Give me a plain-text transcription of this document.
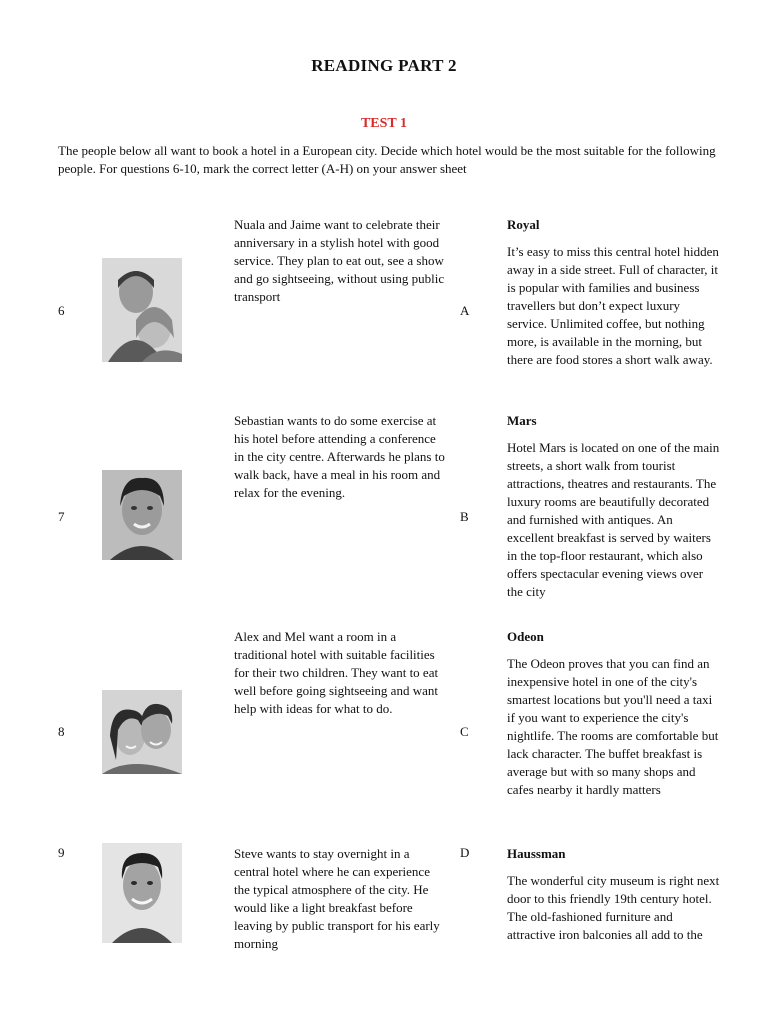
READING PART 2
TEST 1
The people below all want to book a hotel in a European city. Decide which hotel would be the most suitable for the following people. For questions 6-10, mark the correct letter (A-H) on your answer sheet
6
Nuala and Jaime want to celebrate their anniversary in a stylish hotel with good service. They plan to eat out, see a show and go sightseeing, without using public transport
A
Royal
It’s easy to miss this central hotel hidden away in a side street. Full of character, it is popular with families and business travellers but don’t expect luxury service. Unlimited coffee, but nothing more, is available in the morning, but there are food stores a short walk away.
7
Sebastian wants to do some exercise at his hotel before attending a conference in the city centre. Afterwards he plans to walk back, have a meal in his room and relax for the evening.
B
Mars
Hotel Mars is located on one of the main streets, a short walk from tourist attractions, theatres and restaurants. The luxury rooms are beautifully decorated and furnished with antiques. An excellent breakfast is served by waiters in the top-floor restaurant, which also offers spectacular evening views over the city
8
Alex and Mel want a room in a traditional hotel with suitable facilities for their two children. They want to eat well before going sightseeing and want help with ideas for what to do.
C
Odeon
The Odeon proves that you can find an inexpensive hotel in one of the city's smartest locations but you'll need a taxi if you want to experience the city's nightlife. The rooms are comfortable but lack character. The buffet breakfast is average but with so many shops and cafes nearby it hardly matters
9	Steve wants to stay overnight in a central hotel where he can experience the typical atmosphere of the city. He would like a light breakfast before leaving by public transport for his early morning
D	Haussman
The wonderful city museum is right next door to this friendly 19th century hotel. The old-fashioned furniture and attractive iron balconies all add to the
